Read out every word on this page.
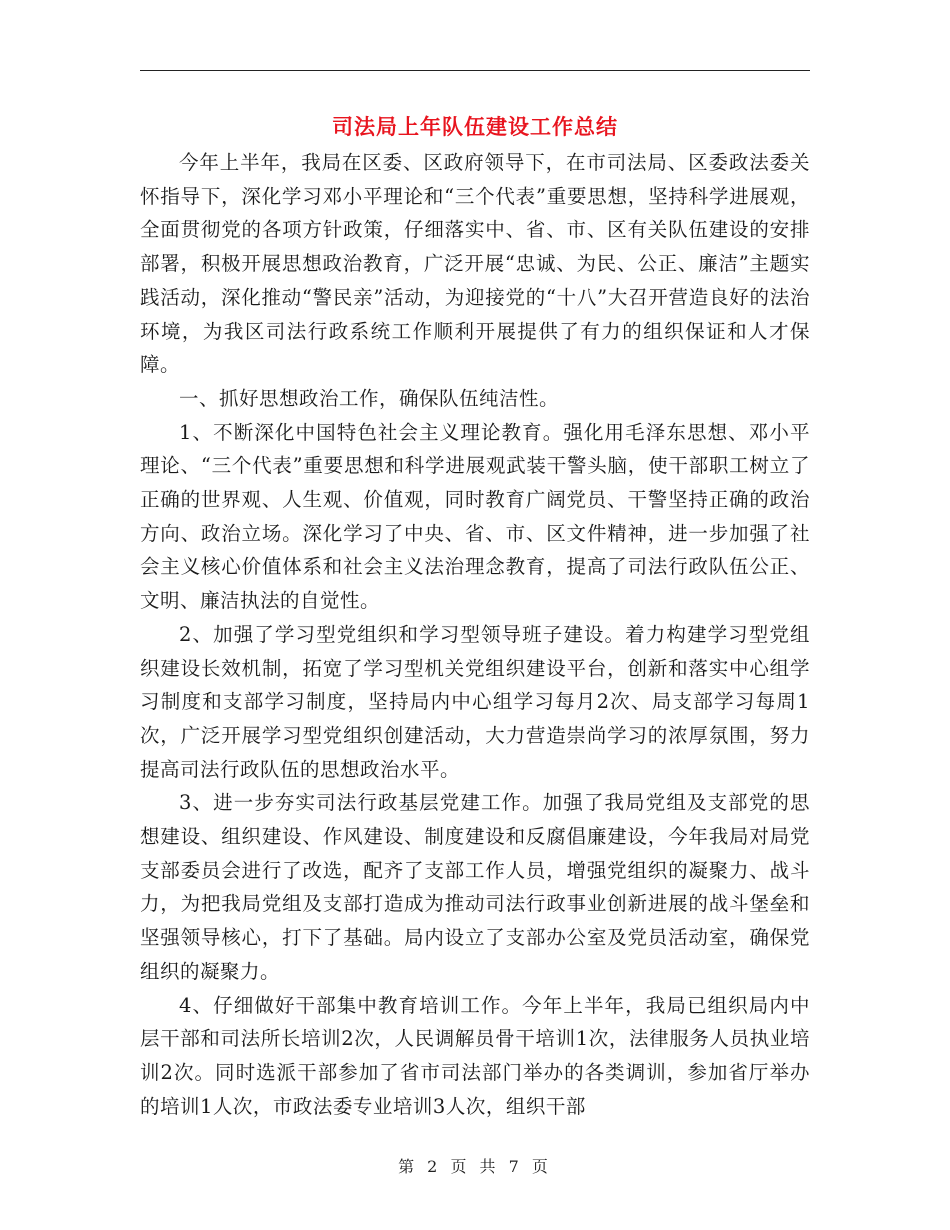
司法局上年队伍建设工作总结

今年上半年，我局在区委、区政府领导下，在市司法局、区委政法委关怀指导下，深化学习邓小平理论和“三个代表”重要思想，坚持科学进展观，全面贯彻党的各项方针政策，仔细落实中、省、市、区有关队伍建设的安排部署，积极开展思想政治教育，广泛开展“忠诚、为民、公正、廉洁”主题实践活动，深化推动“警民亲”活动，为迎接党的“十八”大召开营造良好的法治环境，为我区司法行政系统工作顺利开展提供了有力的组织保证和人才保障。

一、抓好思想政治工作，确保队伍纯洁性。

1、不断深化中国特色社会主义理论教育。强化用毛泽东思想、邓小平理论、“三个代表”重要思想和科学进展观武装干警头脑，使干部职工树立了正确的世界观、人生观、价值观，同时教育广阔党员、干警坚持正确的政治方向、政治立场。深化学习了中央、省、市、区文件精神，进一步加强了社会主义核心价值体系和社会主义法治理念教育，提高了司法行政队伍公正、文明、廉洁执法的自觉性。

2、加强了学习型党组织和学习型领导班子建设。着力构建学习型党组织建设长效机制，拓宽了学习型机关党组织建设平台，创新和落实中心组学习制度和支部学习制度，坚持局内中心组学习每月2次、局支部学习每周1次，广泛开展学习型党组织创建活动，大力营造崇尚学习的浓厚氛围，努力提高司法行政队伍的思想政治水平。

3、进一步夯实司法行政基层党建工作。加强了我局党组及支部党的思想建设、组织建设、作风建设、制度建设和反腐倡廉建设，今年我局对局党支部委员会进行了改选，配齐了支部工作人员，增强党组织的凝聚力、战斗力，为把我局党组及支部打造成为推动司法行政事业创新进展的战斗堡垒和坚强领导核心，打下了基础。局内设立了支部办公室及党员活动室，确保党组织的凝聚力。

4、仔细做好干部集中教育培训工作。今年上半年，我局已组织局内中层干部和司法所长培训2次，人民调解员骨干培训1次，法律服务人员执业培训2次。同时选派干部参加了省市司法部门举办的各类调训，参加省厅举办的培训1人次，市政法委专业培训3人次，组织干部

第 2 页 共 7 页
